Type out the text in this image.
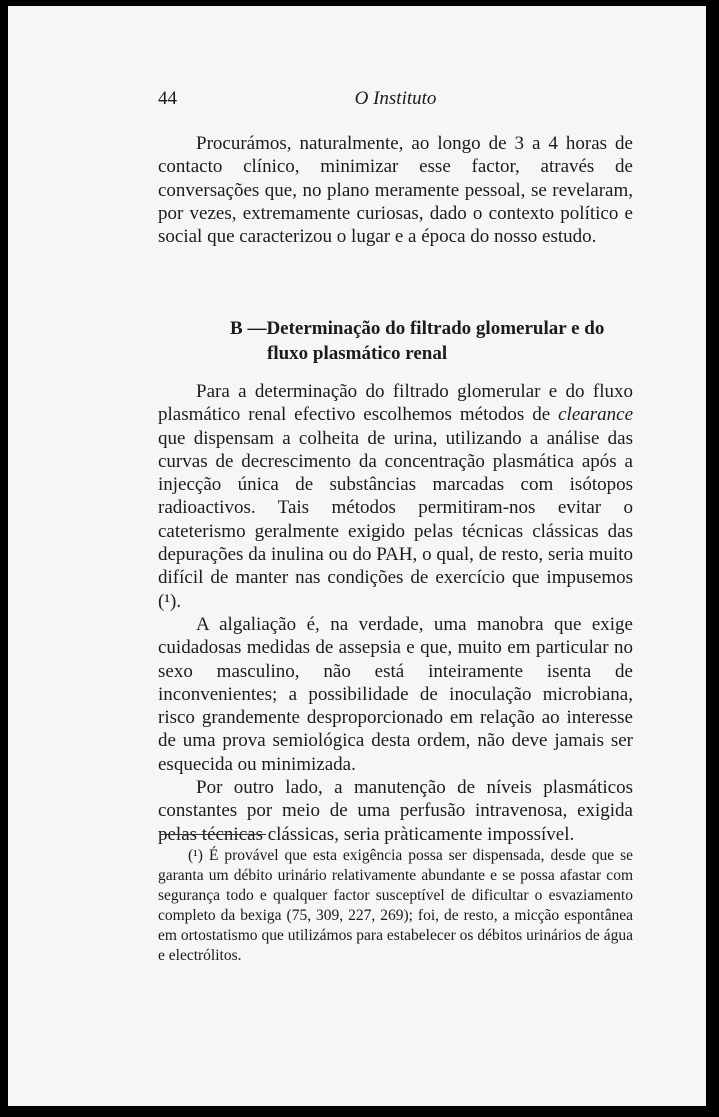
44	O Instituto

Procurámos, naturalmente, ao longo de 3 a 4 horas de contacto clínico, minimizar esse factor, através de conversações que, no plano meramente pessoal, se revelaram, por vezes, extremamente curiosas, dado o contexto político e social que caracterizou o lugar e a época do nosso estudo.

B —Determinação do filtrado glomerular e do
fluxo plasmático renal

Para a determinação do filtrado glomerular e do fluxo plasmático renal efectivo escolhemos métodos de clearance que dispensam a colheita de urina, utilizando a análise das curvas de decrescimento da concentração plasmática após a injecção única de substâncias marcadas com isótopos radioactivos. Tais métodos permitiram-nos evitar o cateterismo geralmente exigido pelas técnicas clássicas das depurações da inulina ou do PAH, o qual, de resto, seria muito difícil de manter nas condições de exercício que impusemos (¹).

A algaliação é, na verdade, uma manobra que exige cuidadosas medidas de assepsia e que, muito em particular no sexo masculino, não está inteiramente isenta de inconvenientes; a possibilidade de inoculação microbiana, risco grandemente desproporcionado em relação ao interesse de uma prova semiológica desta ordem, não deve jamais ser esquecida ou minimizada.

Por outro lado, a manutenção de níveis plasmáticos constantes por meio de uma perfusão intravenosa, exigida pelas técnicas clássicas, seria pràticamente impossível.

(¹) É provável que esta exigência possa ser dispensada, desde que se garanta um débito urinário relativamente abundante e se possa afastar com segurança todo e qualquer factor susceptível de dificultar o esvaziamento completo da bexiga (75, 309, 227, 269); foi, de resto, a micção espontânea em ortostatismo que utilizámos para estabelecer os débitos urinários de água e electrólitos.
